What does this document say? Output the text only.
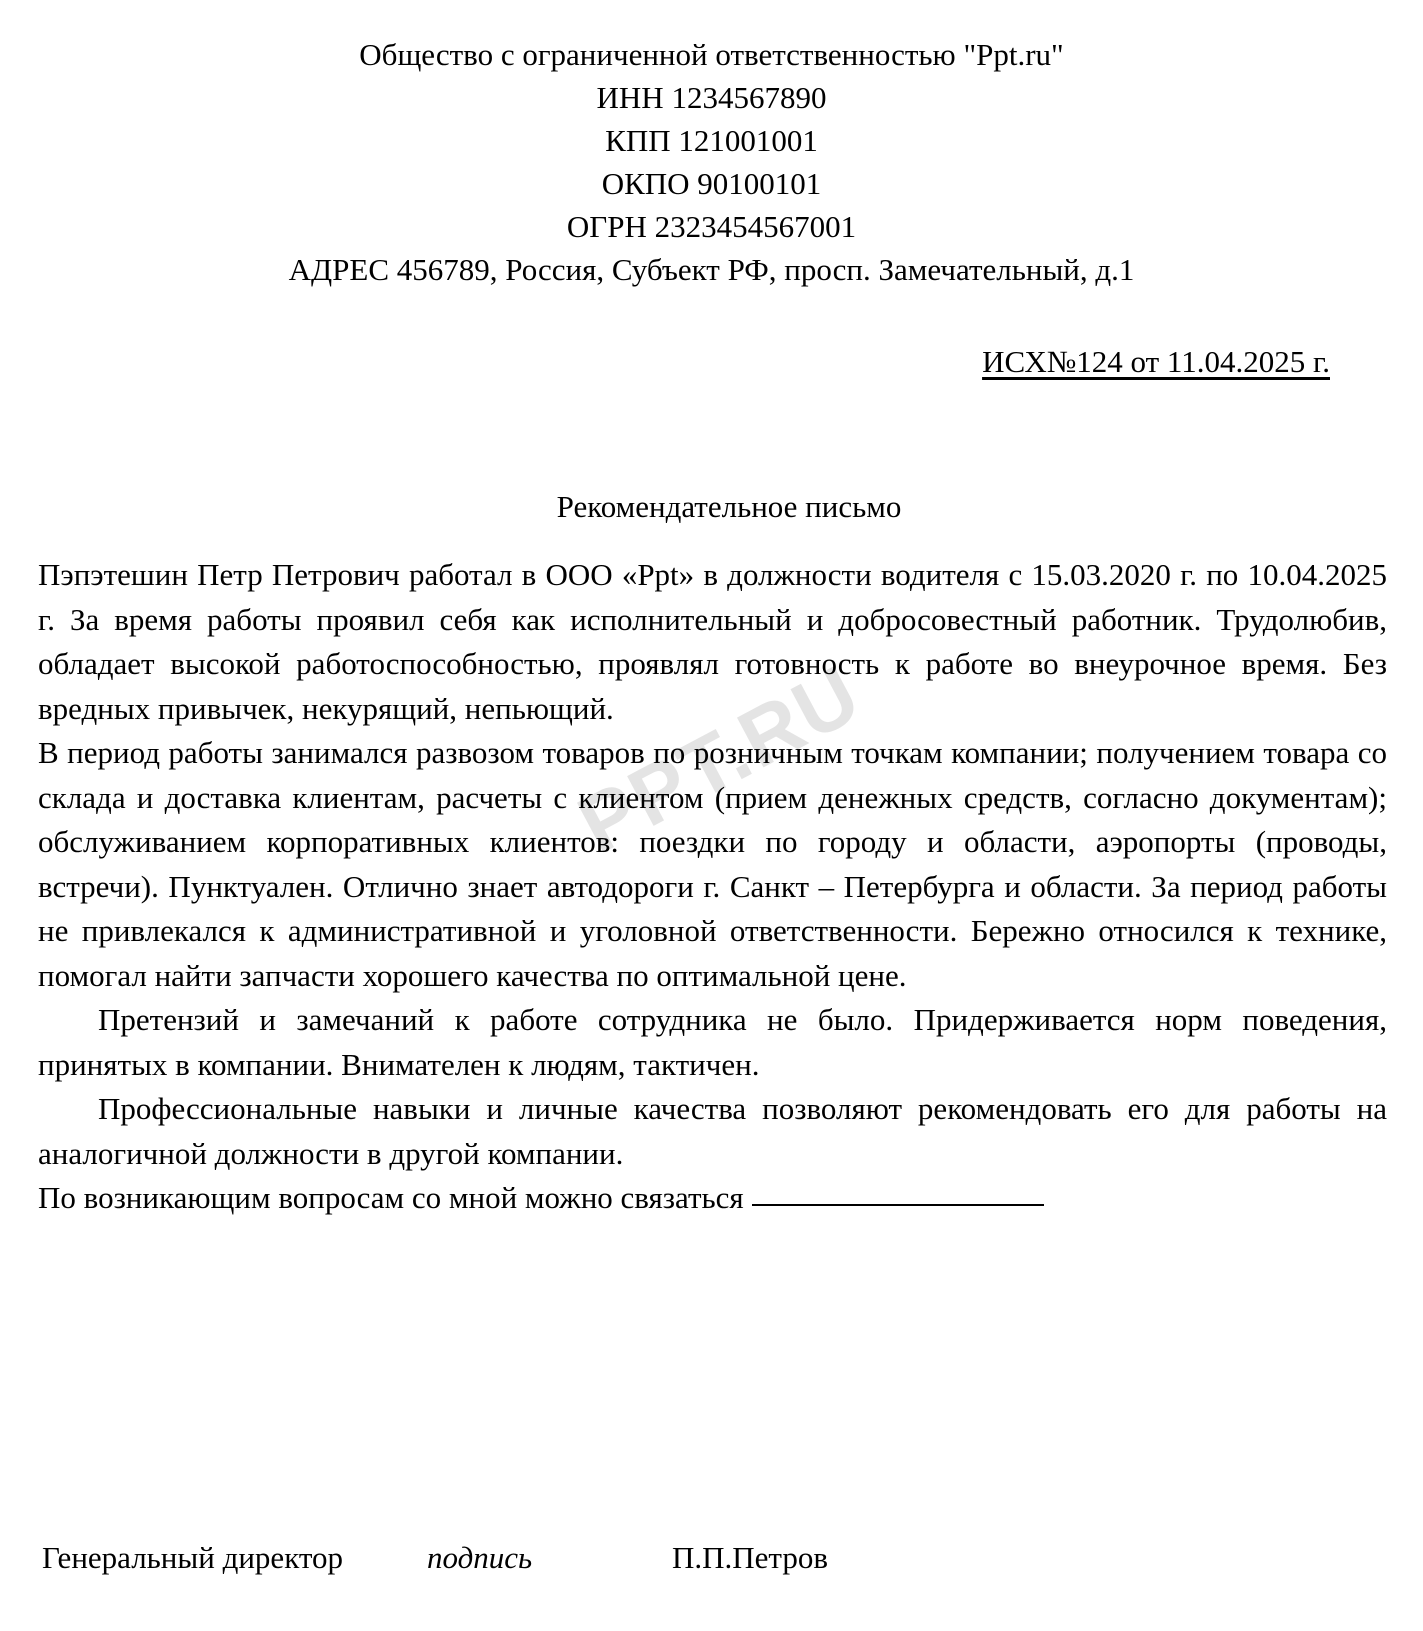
PPT.RU
Общество с ограниченной ответственностью "Ppt.ru"
ИНН 1234567890
КПП 121001001
ОКПО 90100101
ОГРН 2323454567001
АДРЕС 456789, Россия, Субъект РФ, просп. Замечательный, д.1
ИСХ№124 от 11.04.2025 г.
Рекомендательное письмо

Пэпэтешин Петр Петрович работал в ООО «Ppt» в должности водителя с 15.03.2020 г. по 10.04.2025 г. За время работы проявил себя как исполнительный и добросовестный работник. Трудолюбив, обладает высокой работоспособностью, проявлял готовность к работе во внеурочное время. Без вредных привычек, некурящий, непьющий.

В период работы занимался развозом товаров по розничным точкам компании; получением товара со склада и доставка клиентам, расчеты с клиентом (прием денежных средств, согласно документам); обслуживанием корпоративных клиентов: поездки по городу и области, аэропорты (проводы, встречи). Пунктуален. Отлично знает автодороги г. Санкт – Петербурга и области. За период работы не привлекался к административной и уголовной ответственности. Бережно относился к технике, помогал найти запчасти хорошего качества по оптимальной цене.

Претензий и замечаний к работе сотрудника не было. Придерживается норм поведения, принятых в компании. Внимателен к людям, тактичен.

Профессиональные навыки и личные качества позволяют рекомендовать его для работы на аналогичной должности в другой компании.

По возникающим вопросам со мной можно связаться

Генеральный директор	подпись	П.П.Петров
